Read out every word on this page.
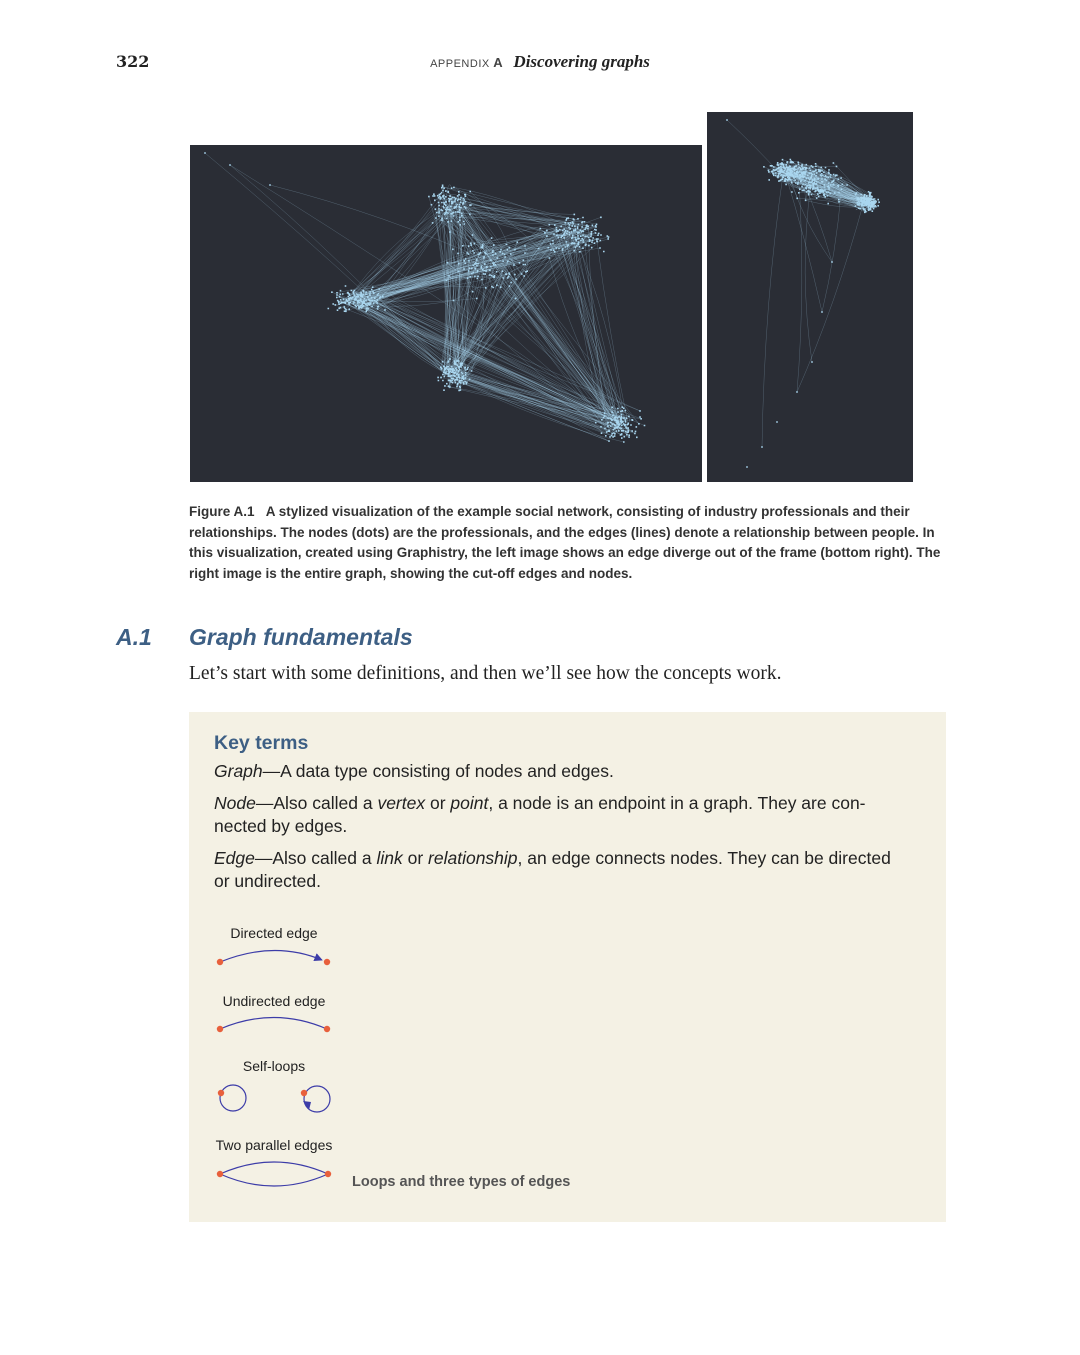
322	APPENDIX A Discovering graphs
Figure A.1 A stylized visualization of the example social network, consisting of industry professionals and their relationships. The nodes (dots) are the professionals, and the edges (lines) denote a relationship between people. In this visualization, created using Graphistry, the left image shows an edge diverge out of the frame (bottom right). The right image is the entire graph, showing the cut-off edges and nodes.
A.1 Graph fundamentals
Let’s start with some definitions, and then we’ll see how the concepts work.
Key terms
Graph—A data type consisting of nodes and edges.
Node—Also called a vertex or point, a node is an endpoint in a graph. They are con-
nected by edges.
Edge—Also called a link or relationship, an edge connects nodes. They can be directed
or undirected.
Directed edge
Undirected edge
Self-loops
Two parallel edges
Loops and three types of edges
